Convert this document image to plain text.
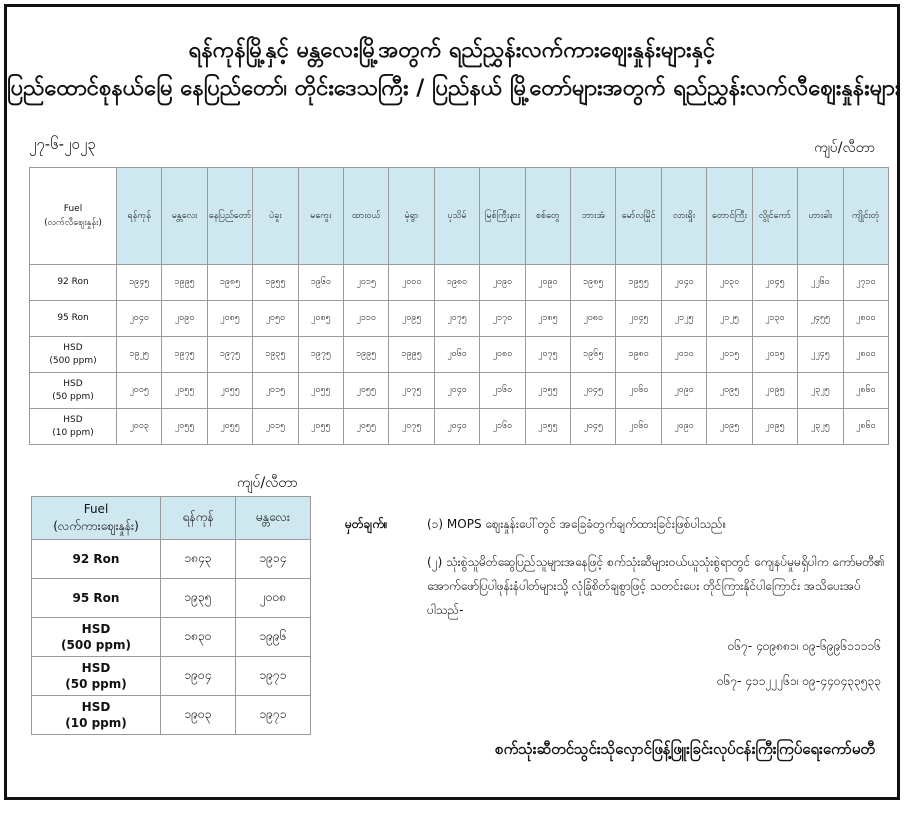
ရန်ကုန်မြို့နှင့် မန္တလေးမြို့အတွက် ရည်ညွှန်းလက်ကားဈေးနှုန်းများနှင့်
ပြည်ထောင်စုနယ်မြေ နေပြည်တော်၊ တိုင်းဒေသကြီး / ပြည်နယ် မြို့တော်များအတွက် ရည်ညွှန်းလက်လီဈေးနှုန်းများ
၂၇-၆-၂၀၂၃	ကျပ်/လီတာ
Fuel
(လက်လီဈေးနှုန်း)	ရန်ကုန်	မန္တလေး	နေပြည်တော်	ပဲခူး	မကွေး	ထားဝယ်	မုံရွာ	ပုသိမ်	မြစ်ကြီးနား	စစ်တွေ	ဘားအံ	မော်လမြိုင်	လားရှိုး	တောင်ကြီး	လွိုင်ကော်	ဟားခါး	ကျိုင်းတုံ

92 Ron	၁၉၄၅	၁၉၉၅	၁၉၈၅	၁၉၅၅	၁၉၆၀	၂၀၁၅	၂၀၀၀	၁၉၈၀	၂၀၉၀	၂၀၉၀	၁၉၈၅	၁၉၅၅	၂၀၄၀	၂၀၃၀	၂၀၄၅	၂၂၆၀	၂၇၁၀

95 Ron	၂၀၄၀	၂၀၉၀	၂၀၈၅	၂၀၅၀	၂၀၈၅	၂၁၁၀	၂၀၉၅	၂၀၇၅	၂၁၇၀	၂၁၈၅	၂၀၈၀	၂၀၄၅	၂၁၂၅	၂၁၂၅	၂၁၃၀	၂၄၅၅	၂၈၀၀

HSD
(500 ppm)	၁၉၂၅	၁၉၇၅	၁၉၇၅	၁၉၃၅	၁၉၇၅	၁၉၉၅	၁၉၉၅	၂၀၆၀	၂၀၈၀	၂၀၇၅	၁၉၆၅	၁၉၈၀	၂၀၁၀	၂၀၁၅	၂၀၁၅	၂၂၄၅	၂၈၀၀

HSD
(50 ppm)	၂၀၀၅	၂၀၅၅	၂၀၅၅	၂၀၁၅	၂၀၅၅	၂၀၅၅	၂၀၇၅	၂၀၄၀	၂၁၆၀	၂၁၅၅	၂၀၄၅	၂၀၆၀	၂၀၉၀	၂၀၉၅	၂၀၉၅	၂၃၂၅	၂၈၆၀

HSD
(10 ppm)	၂၀၀၃	၂၀၅၅	၂၀၅၅	၂၀၁၅	၂၀၅၅	၂၀၅၅	၂၀၇၅	၂၀၄၀	၂၁၆၀	၂၁၅၅	၂၀၄၅	၂၀၆၀	၂၀၉၀	၂၀၉၅	၂၀၉၅	၂၃၂၅	၂၈၆၀
ကျပ်/လီတာ
Fuel
(လက်ကားဈေးနှုန်း)	ရန်ကုန်	မန္တလေး

92 Ron	၁၈၄၃	၁၉၁၄

95 Ron	၁၉၃၅	၂၀၀၈

HSD
(500 ppm)	၁၈၃၀	၁၉၉၆

HSD
(50 ppm)	၁၉၀၄	၁၉၇၁

HSD
(10 ppm)	၁၉၀၃	၁၉၇၁
မှတ်ချက်။	(၁) MOPS ဈေးနှုန်းပေါ်တွင် အခြေခံတွက်ချက်ထားခြင်းဖြစ်ပါသည်။
(၂) သုံးစွဲသူမိတ်ဆွေပြည်သူများအနေဖြင့် စက်သုံးဆီများဝယ်ယူသုံးစွဲရာတွင် ကျေနပ်မှုမရှိပါက ကော်မတီ၏ အောက်ဖော်ပြပါဖုန်းနံပါတ်များသို့ လုံခြုံစိတ်ချစွာဖြင့် သတင်းပေး တိုင်ကြားနိုင်ပါကြောင်း အသိပေးအပ်ပါသည်-
၀၆၇- ၄၀၉၈၈၁၊ ၀၉-၆၉၉၆၁၁၁၁၆
၀၆၇- ၄၁၁၂၂၂၆၁၊ ၀၉-၄၄၀၄၃၃၅၃၃
စက်သုံးဆီတင်သွင်းသိုလှောင်ဖြန့်ဖြူးခြင်းလုပ်ငန်းကြီးကြပ်ရေးကော်မတီ
